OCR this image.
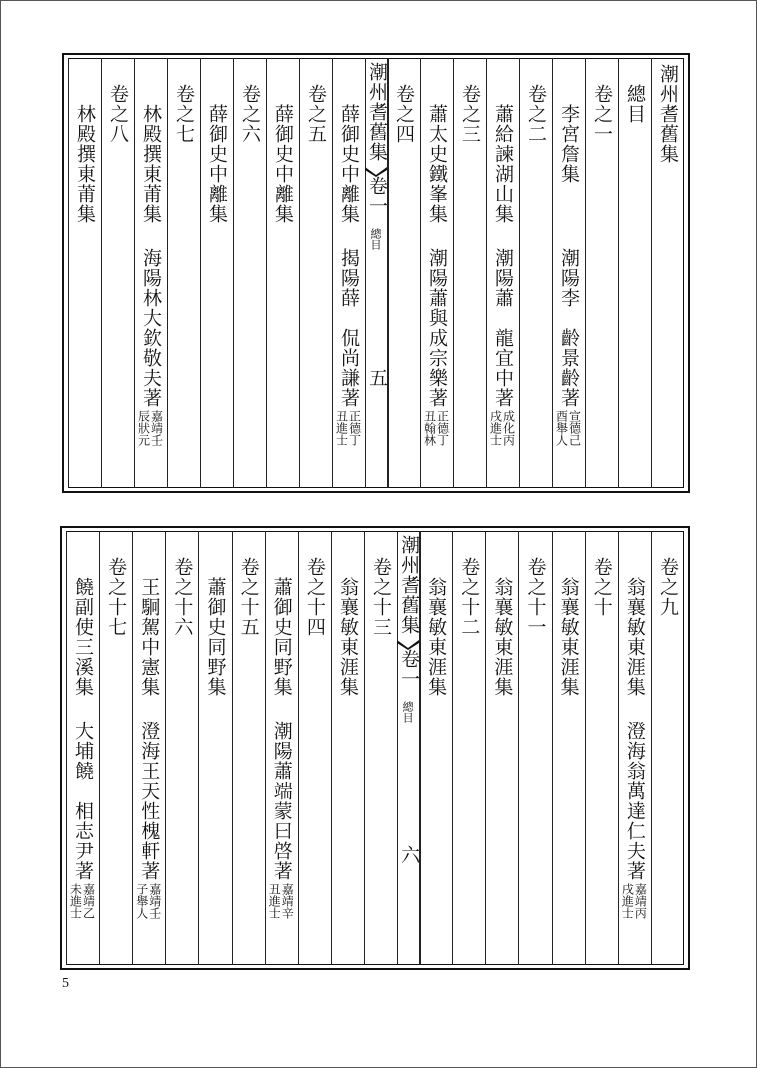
潮州耆舊集
　總目
　卷之一
　　李宮詹集
潮陽李　齡景齡著
宣德己
酉舉人
　卷之二
　　蕭給諫湖山集
潮陽蕭　龍宜中著
成化丙
戌進士
　卷之三
　　蕭太史鐵峯集
潮陽蕭與成宗樂著
正德丁
丑翰林
　卷之四
　　薛御史中離集
揭陽薛　侃尚謙著
正德丁
丑進士
　卷之五
　　薛御史中離集
　卷之六
　　薛御史中離集
　卷之七
　　林殿撰東莆集
海陽林大欽敬夫著
嘉靖壬
辰狀元
　卷之八
　　林殿撰東莆集	潮州耆舊集
卷一
總目
五
　卷之九
　　翁襄敏東涯集
澄海翁萬達仁夫著
嘉靖丙
戌進士
　卷之十
　　翁襄敏東涯集
　卷之十一
　　翁襄敏東涯集
　卷之十二
　　翁襄敏東涯集
　卷之十三
　　翁襄敏東涯集
　卷之十四
　　蕭御史同野集
潮陽蕭端蒙曰啓著
嘉靖辛
丑進士
　卷之十五
　　蕭御史同野集
　卷之十六
　　王駉駕中憲集
澄海王天性槐軒著
嘉靖壬
子舉人
　卷之十七
　　饒副使三溪集
大埔饒　相志尹著
嘉靖乙
未進士
潮州耆舊集
卷一
總目
六
5
